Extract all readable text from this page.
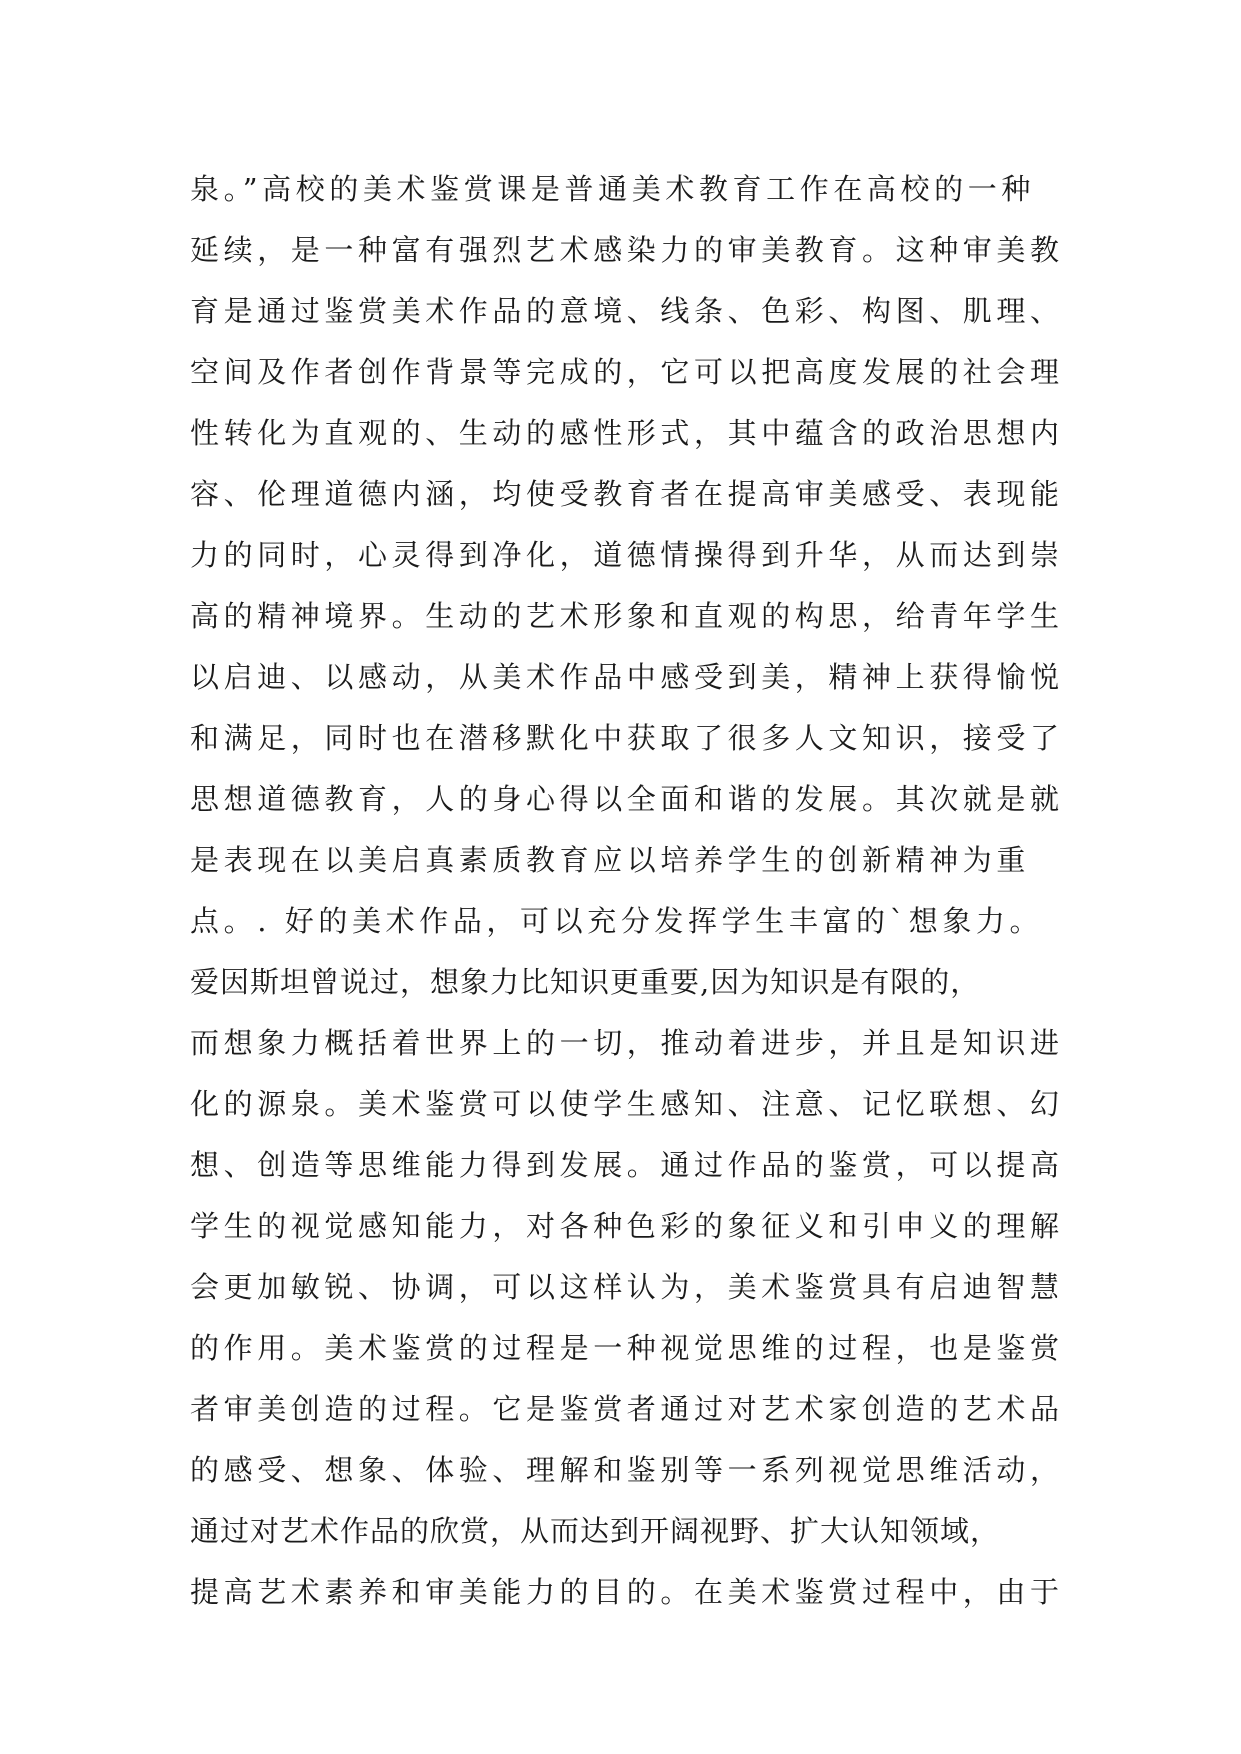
泉。”高校的美术鉴赏课是普通美术教育工作在高校的一种
延续，是一种富有强烈艺术感染力的审美教育。这种审美教
育是通过鉴赏美术作品的意境、线条、色彩、构图、肌理、
空间及作者创作背景等完成的，它可以把高度发展的社会理
性转化为直观的、生动的感性形式，其中蕴含的政治思想内
容、伦理道德内涵，均使受教育者在提高审美感受、表现能
力的同时，心灵得到净化，道德情操得到升华，从而达到崇
高的精神境界。生动的艺术形象和直观的构思，给青年学生
以启迪、以感动，从美术作品中感受到美，精神上获得愉悦
和满足，同时也在潜移默化中获取了很多人文知识，接受了
思想道德教育，人的身心得以全面和谐的发展。其次就是就
是表现在以美启真素质教育应以培养学生的创新精神为重
点。. 好的美术作品，可以充分发挥学生丰富的`想象力。
爱因斯坦曾说过，想象力比知识更重要,因为知识是有限的，
而想象力概括着世界上的一切，推动着进步，并且是知识进
化的源泉。美术鉴赏可以使学生感知、注意、记忆联想、幻
想、创造等思维能力得到发展。通过作品的鉴赏，可以提高
学生的视觉感知能力，对各种色彩的象征义和引申义的理解
会更加敏锐、协调，可以这样认为，美术鉴赏具有启迪智慧
的作用。美术鉴赏的过程是一种视觉思维的过程，也是鉴赏
者审美创造的过程。它是鉴赏者通过对艺术家创造的艺术品
的感受、想象、体验、理解和鉴别等一系列视觉思维活动，
通过对艺术作品的欣赏，从而达到开阔视野、扩大认知领域，
提高艺术素养和审美能力的目的。在美术鉴赏过程中，由于
